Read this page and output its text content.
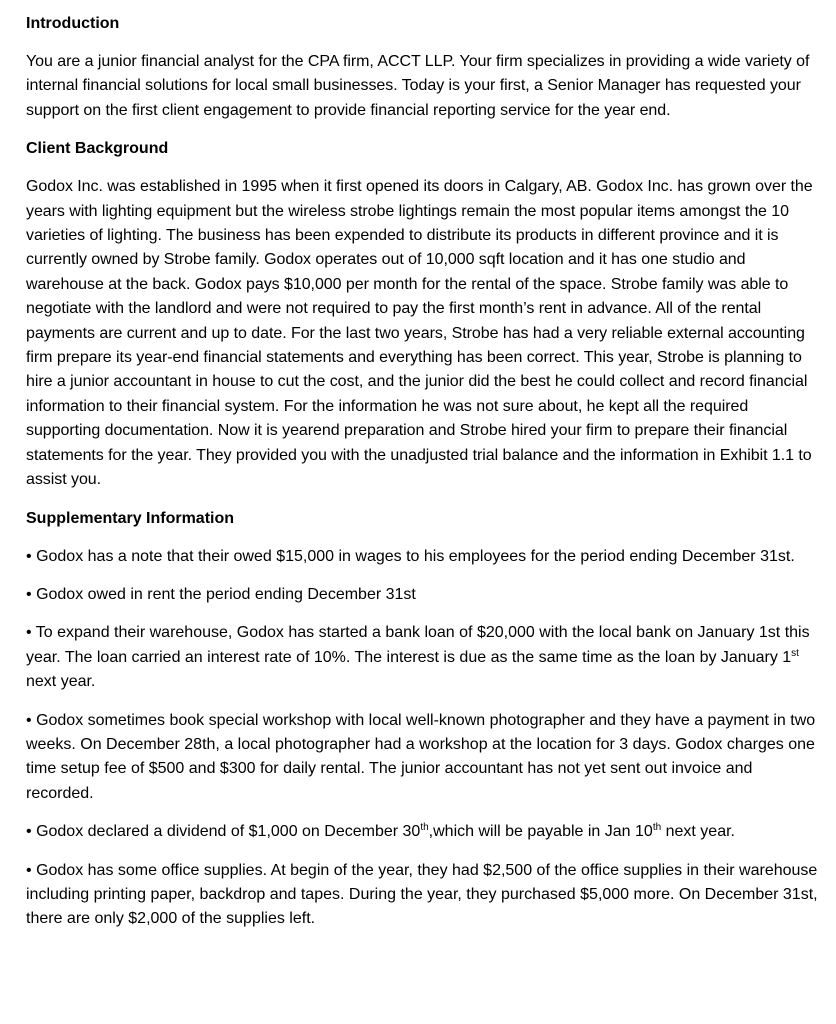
Introduction

You are a junior financial analyst for the CPA firm, ACCT LLP. Your firm specializes in providing a wide variety of internal financial solutions for local small businesses. Today is your first, a Senior Manager has requested your support on the first client engagement to provide financial reporting service for the year end.

Client Background

Godox Inc. was established in 1995 when it first opened its doors in Calgary, AB. Godox Inc. has grown over the years with lighting equipment but the wireless strobe lightings remain the most popular items amongst the 10 varieties of lighting. The business has been expended to distribute its products in different province and it is currently owned by Strobe family. Godox operates out of 10,000 sqft location and it has one studio and warehouse at the back. Godox pays $10,000 per month for the rental of the space. Strobe family was able to negotiate with the landlord and were not required to pay the first month’s rent in advance. All of the rental payments are current and up to date. For the last two years, Strobe has had a very reliable external accounting firm prepare its year-end financial statements and everything has been correct. This year, Strobe is planning to hire a junior accountant in house to cut the cost, and the junior did the best he could collect and record financial information to their financial system. For the information he was not sure about, he kept all the required supporting documentation. Now it is yearend preparation and Strobe hired your firm to prepare their financial statements for the year. They provided you with the unadjusted trial balance and the information in Exhibit 1.1 to assist you.

Supplementary Information

• Godox has a note that their owed $15,000 in wages to his employees for the period ending December 31st.

• Godox owed in rent the period ending December 31st

• To expand their warehouse, Godox has started a bank loan of $20,000 with the local bank on January 1st this year. The loan carried an interest rate of 10%. The interest is due as the same time as the loan by January 1st next year.

• Godox sometimes book special workshop with local well-known photographer and they have a payment in two weeks. On December 28th, a local photographer had a workshop at the location for 3 days. Godox charges one time setup fee of $500 and $300 for daily rental. The junior accountant has not yet sent out invoice and recorded.

• Godox declared a dividend of $1,000 on December 30th,which will be payable in Jan 10th next year.

• Godox has some office supplies. At begin of the year, they had $2,500 of the office supplies in their warehouse including printing paper, backdrop and tapes. During the year, they purchased $5,000 more. On December 31st, there are only $2,000 of the supplies left.
